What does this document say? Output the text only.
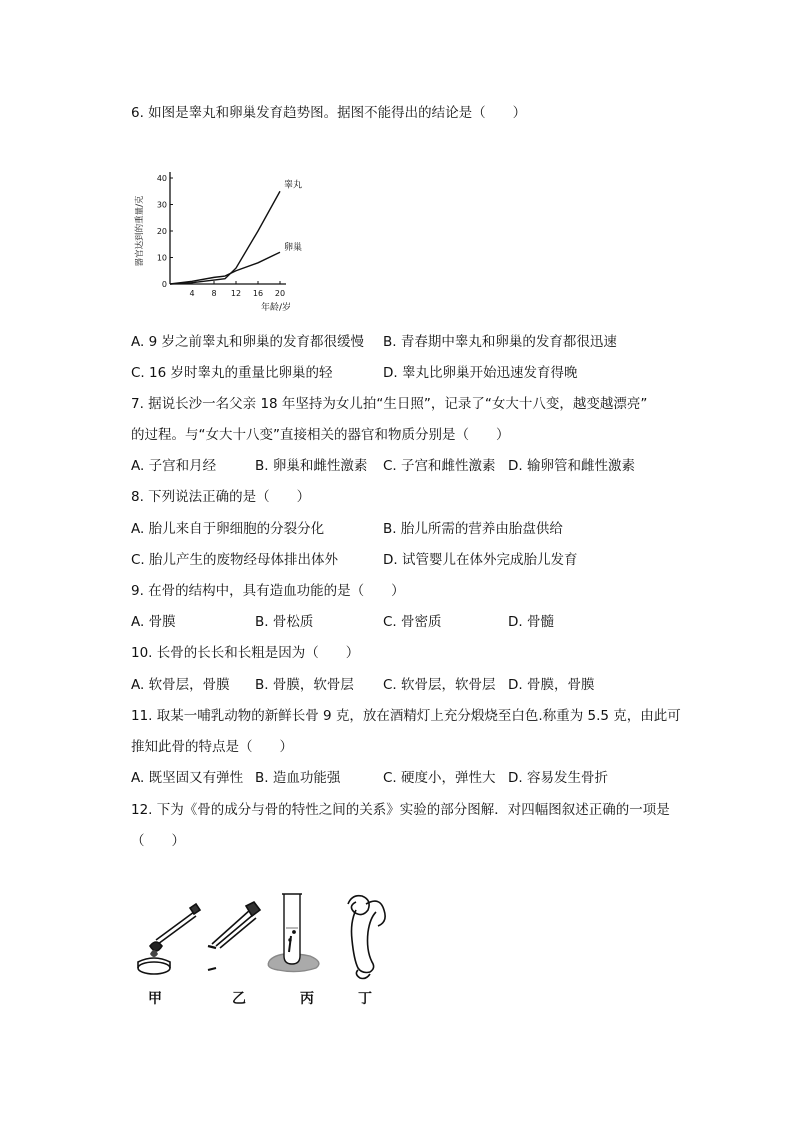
6. 如图是睾丸和卵巢发育趋势图。据图不能得出的结论是（　　）
0
10
20
30
40
4 8 12 16 20
器官达到的重量/克
年龄/岁
睾丸
卵巢
A. 9 岁之前睾丸和卵巢的发育都很缓慢 B. 青春期中睾丸和卵巢的发育都很迅速
C. 16 岁时睾丸的重量比卵巢的轻	D. 睾丸比卵巢开始迅速发育得晚
7. 据说长沙一名父亲 18 年坚持为女儿拍“生日照”，记录了“女大十八变，越变越漂亮”
的过程。与“女大十八变”直接相关的器官和物质分别是（　　）
A. 子宫和月经	B. 卵巢和雌性激素 C. 子宫和雌性激素 D. 输卵管和雌性激素
8. 下列说法正确的是（　　）
A. 胎儿来自于卵细胞的分裂分化	B. 胎儿所需的营养由胎盘供给
C. 胎儿产生的废物经母体排出体外	D. 试管婴儿在体外完成胎儿发育
9. 在骨的结构中，具有造血功能的是（　　）
A. 骨膜	B. 骨松质	C. 骨密质	D. 骨髓
10. 长骨的长长和长粗是因为（　　）
A. 软骨层，骨膜 B. 骨膜，软骨层 C. 软骨层，软骨层 D. 骨膜，骨膜
11. 取某一哺乳动物的新鲜长骨 9 克，放在酒精灯上充分煅烧至白色.称重为 5.5 克，由此可
推知此骨的特点是（　　）
A. 既坚固又有弹性 B. 造血功能强	C. 硬度小，弹性大 D. 容易发生骨折
12. 下为《骨的成分与骨的特性之间的关系》实验的部分图解．对四幅图叙述正确的一项是
（　　）
甲	乙	丙	丁
